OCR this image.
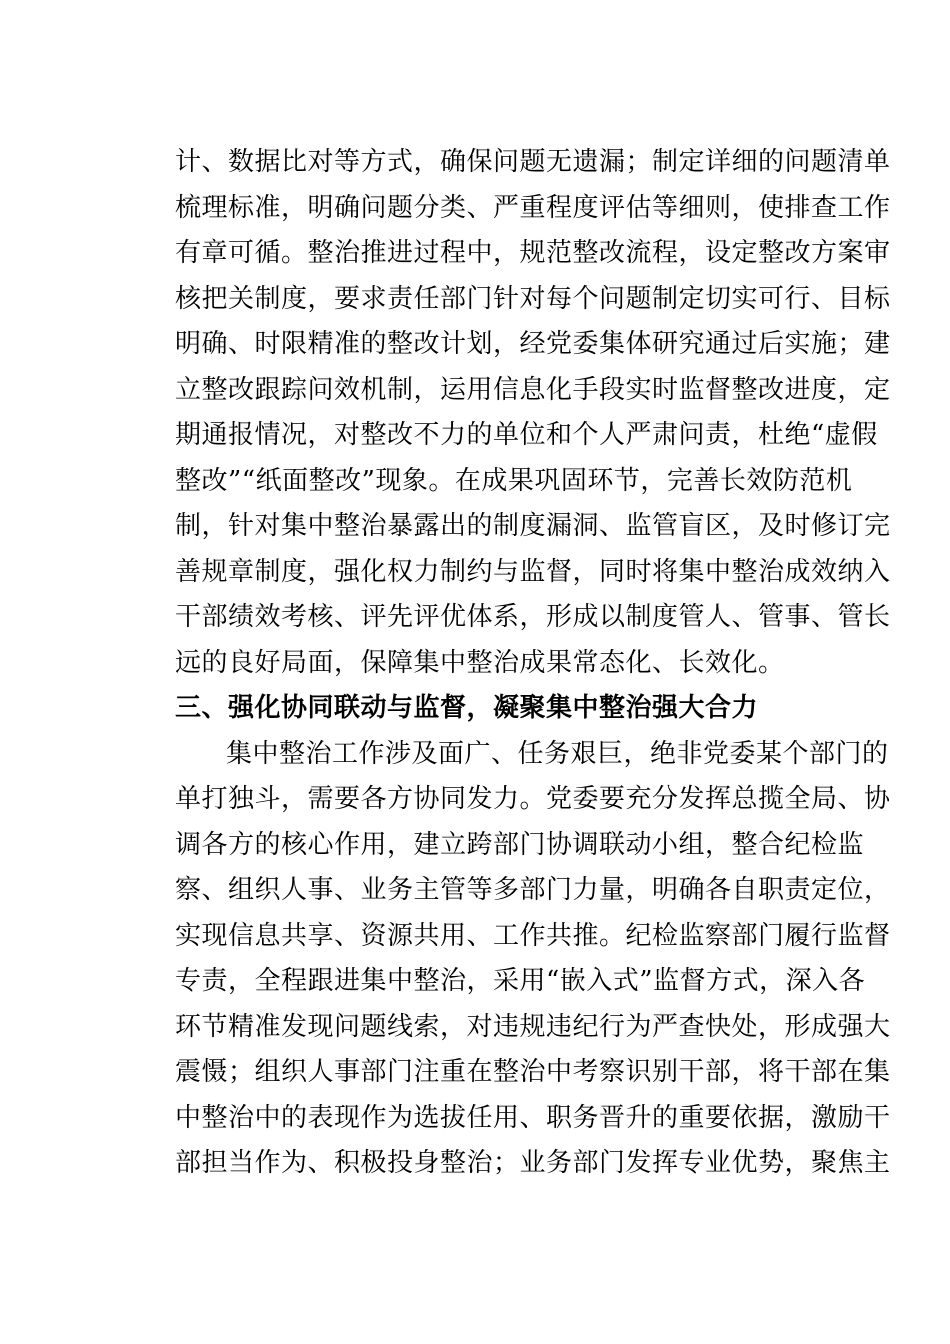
计、数据比对等方式，确保问题无遗漏；制定详细的问题清单
梳理标准，明确问题分类、严重程度评估等细则，使排查工作
有章可循。整治推进过程中，规范整改流程，设定整改方案审
核把关制度，要求责任部门针对每个问题制定切实可行、目标
明确、时限精准的整改计划，经党委集体研究通过后实施；建
立整改跟踪问效机制，运用信息化手段实时监督整改进度，定
期通报情况，对整改不力的单位和个人严肃问责，杜绝“虚假
整改”“纸面整改”现象。在成果巩固环节，完善长效防范机
制，针对集中整治暴露出的制度漏洞、监管盲区，及时修订完
善规章制度，强化权力制约与监督，同时将集中整治成效纳入
干部绩效考核、评先评优体系，形成以制度管人、管事、管长
远的良好局面，保障集中整治成果常态化、长效化。
三、强化协同联动与监督，凝聚集中整治强大合力
集中整治工作涉及面广、任务艰巨，绝非党委某个部门的
单打独斗，需要各方协同发力。党委要充分发挥总揽全局、协
调各方的核心作用，建立跨部门协调联动小组，整合纪检监
察、组织人事、业务主管等多部门力量，明确各自职责定位，
实现信息共享、资源共用、工作共推。纪检监察部门履行监督
专责，全程跟进集中整治，采用“嵌入式”监督方式，深入各
环节精准发现问题线索，对违规违纪行为严查快处，形成强大
震慑；组织人事部门注重在整治中考察识别干部，将干部在集
中整治中的表现作为选拔任用、职务晋升的重要依据，激励干
部担当作为、积极投身整治；业务部门发挥专业优势，聚焦主
